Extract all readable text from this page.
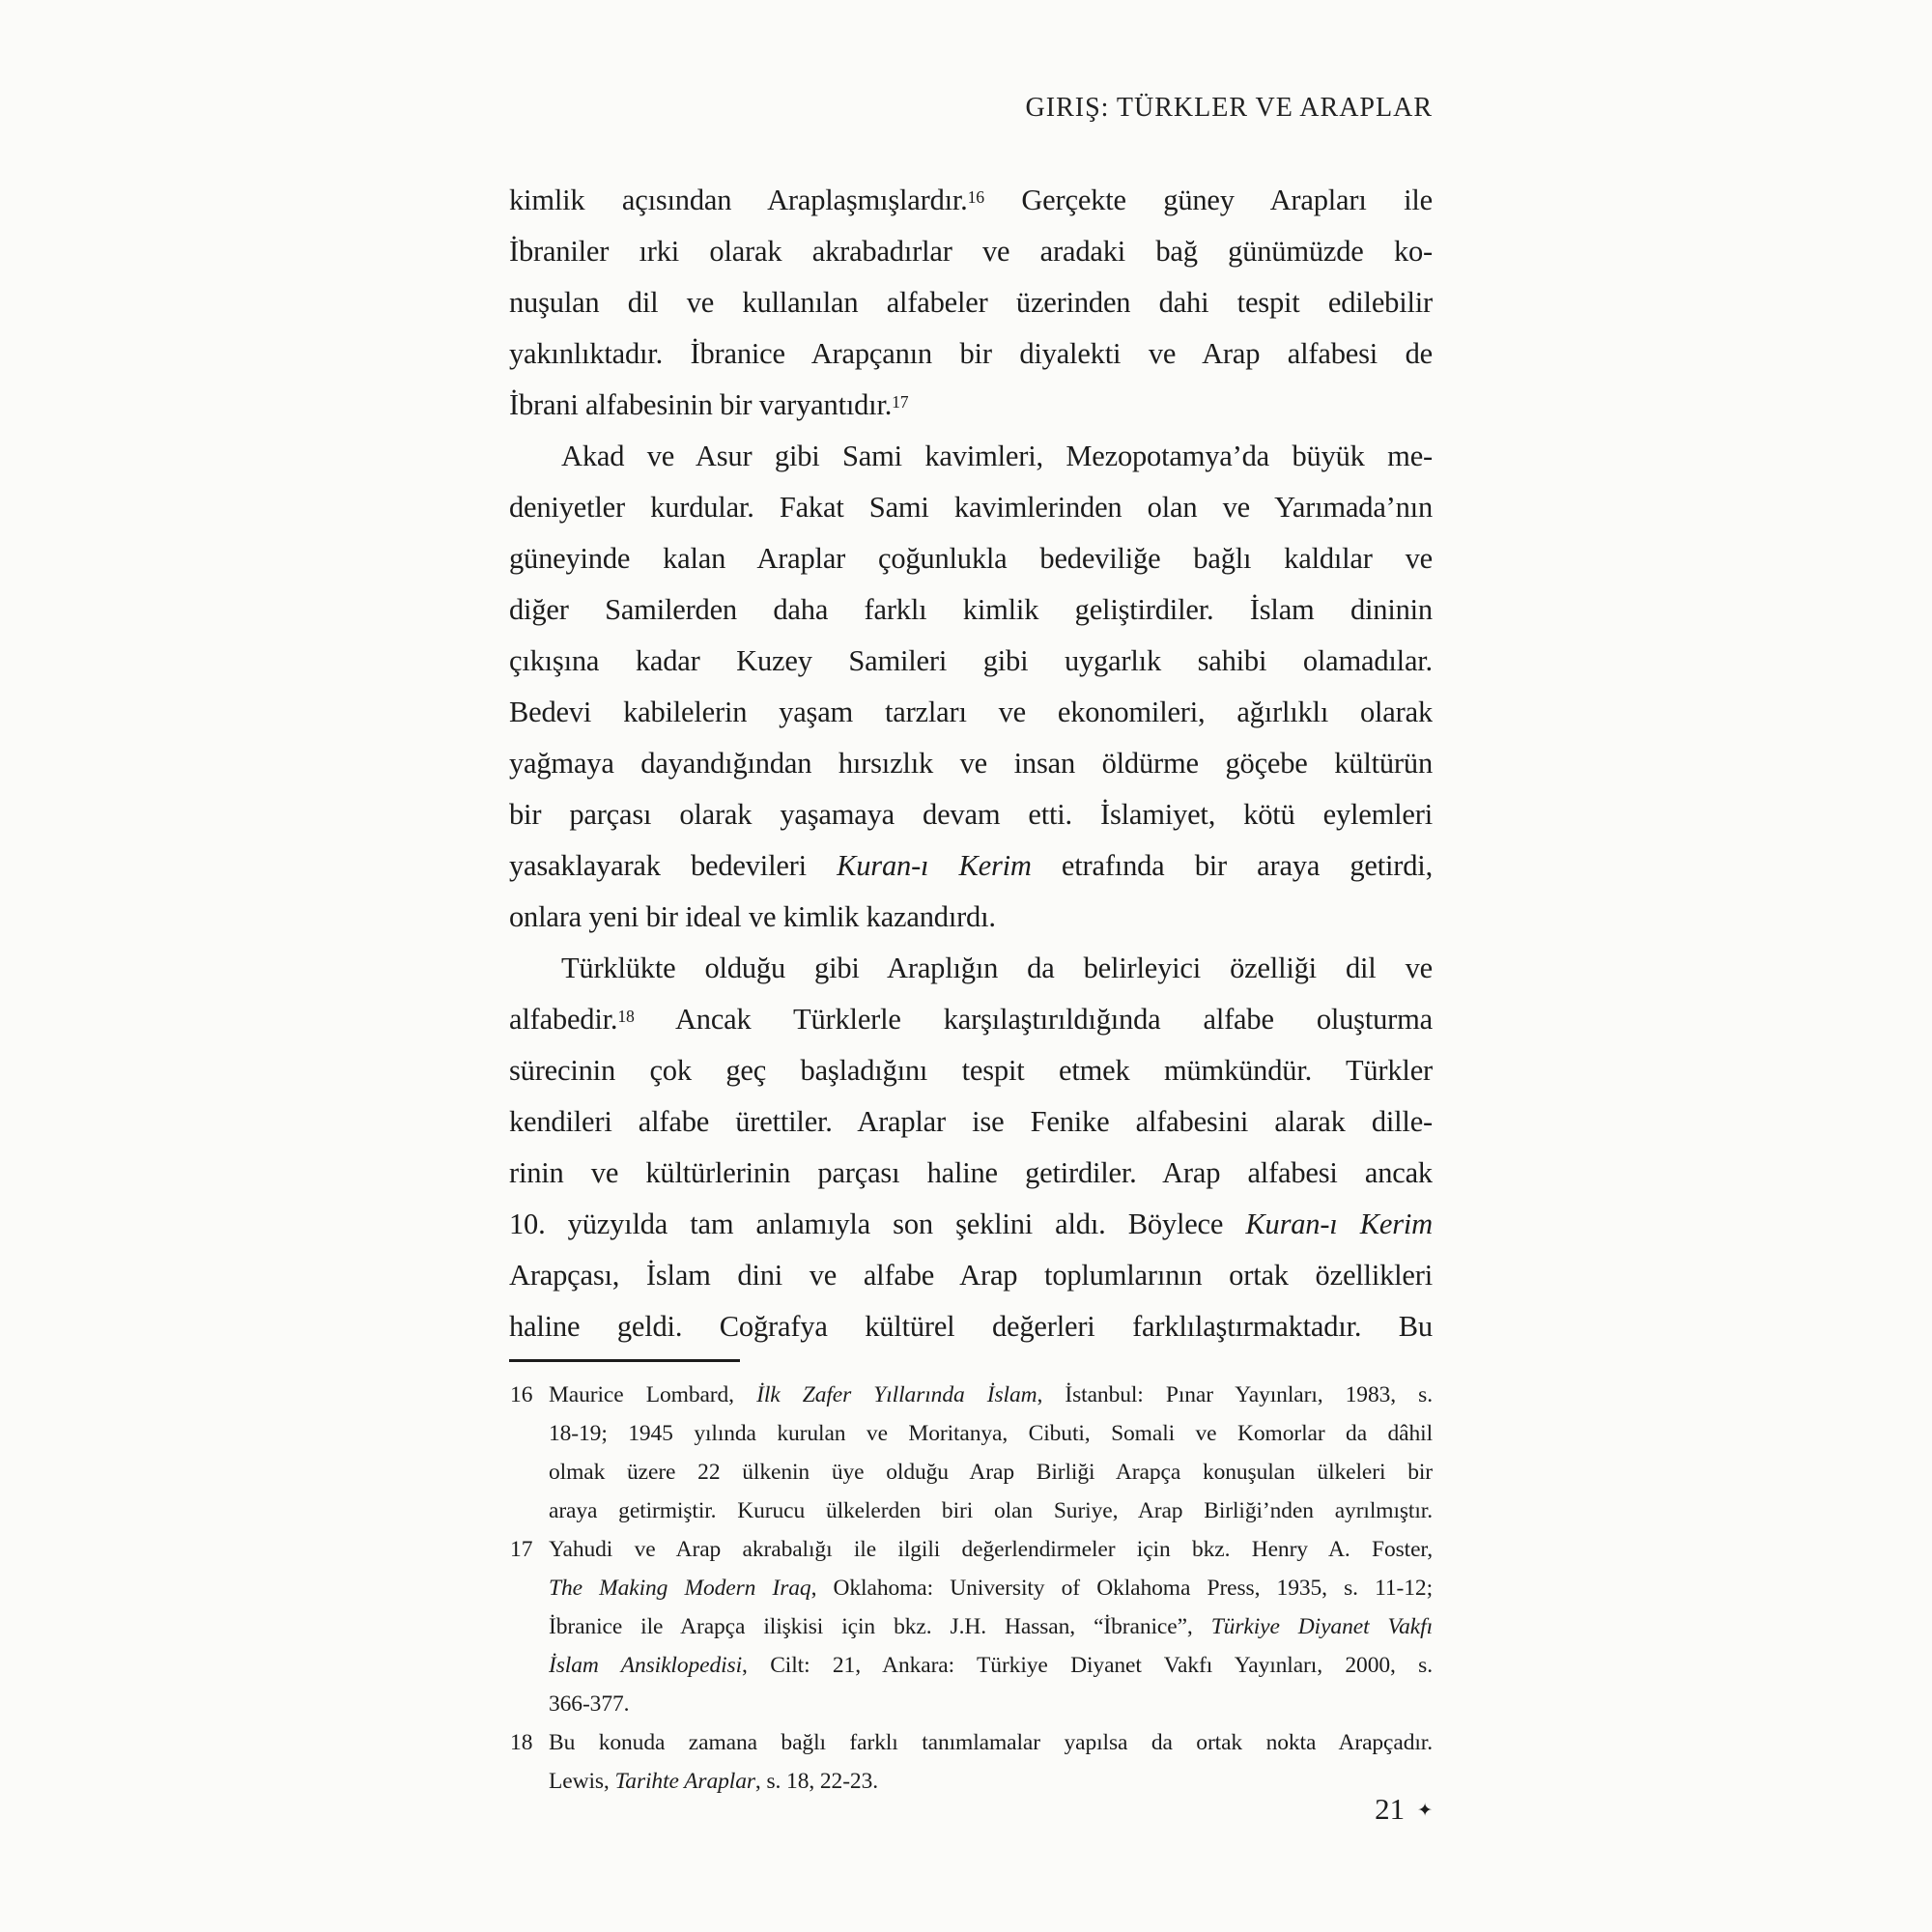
GIRIŞ: TÜRKLER VE ARAPLAR
kimlik açısından Araplaşmışlardır.$^{16}$ Gerçekte güney Arapları ile
İbraniler ırki olarak akrabadırlar ve aradaki bağ günümüzde ko-
nuşulan dil ve kullanılan alfabeler üzerinden dahi tespit edilebilir
yakınlıktadır. İbranice Arapçanın bir diyalekti ve Arap alfabesi de
İbrani alfabesinin bir varyantıdır.$^{17}$
Akad ve Asur gibi Sami kavimleri, Mezopotamya’da büyük me-
deniyetler kurdular. Fakat Sami kavimlerinden olan ve Yarımada’nın
güneyinde kalan Araplar çoğunlukla bedeviliğe bağlı kaldılar ve
diğer Samilerden daha farklı kimlik geliştirdiler. İslam dininin
çıkışına kadar Kuzey Samileri gibi uygarlık sahibi olamadılar.
Bedevi kabilelerin yaşam tarzları ve ekonomileri, ağırlıklı olarak
yağmaya dayandığından hırsızlık ve insan öldürme göçebe kültürün
bir parçası olarak yaşamaya devam etti. İslamiyet, kötü eylemleri
yasaklayarak bedevileri Kuran-ı Kerim etrafında bir araya getirdi,
onlara yeni bir ideal ve kimlik kazandırdı.
Türklükte olduğu gibi Araplığın da belirleyici özelliği dil ve
alfabedir.$^{18}$ Ancak Türklerle karşılaştırıldığında alfabe oluşturma
sürecinin çok geç başladığını tespit etmek mümkündür. Türkler
kendileri alfabe ürettiler. Araplar ise Fenike alfabesini alarak dille-
rinin ve kültürlerinin parçası haline getirdiler. Arap alfabesi ancak
10. yüzyılda tam anlamıyla son şeklini aldı. Böylece Kuran-ı Kerim
Arapçası, İslam dini ve alfabe Arap toplumlarının ortak özellikleri
haline geldi. Coğrafya kültürel değerleri farklılaştırmaktadır. Bu
16 Maurice Lombard, İlk Zafer Yıllarında İslam, İstanbul: Pınar Yayınları, 1983, s.
18-19; 1945 yılında kurulan ve Moritanya, Cibuti, Somali ve Komorlar da dâhil
olmak üzere 22 ülkenin üye olduğu Arap Birliği Arapça konuşulan ülkeleri bir
araya getirmiştir. Kurucu ülkelerden biri olan Suriye, Arap Birliği’nden ayrılmıştır.
17 Yahudi ve Arap akrabalığı ile ilgili değerlendirmeler için bkz. Henry A. Foster,
The Making Modern Iraq, Oklahoma: University of Oklahoma Press, 1935, s. 11-12;
İbranice ile Arapça ilişkisi için bkz. J.H. Hassan, “İbranice”, Türkiye Diyanet Vakfı
İslam Ansiklopedisi, Cilt: 21, Ankara: Türkiye Diyanet Vakfı Yayınları, 2000, s.
366-377.
18 Bu konuda zamana bağlı farklı tanımlamalar yapılsa da ortak nokta Arapçadır.
Lewis, Tarihte Araplar, s. 18, 22-23.
21 ✦
